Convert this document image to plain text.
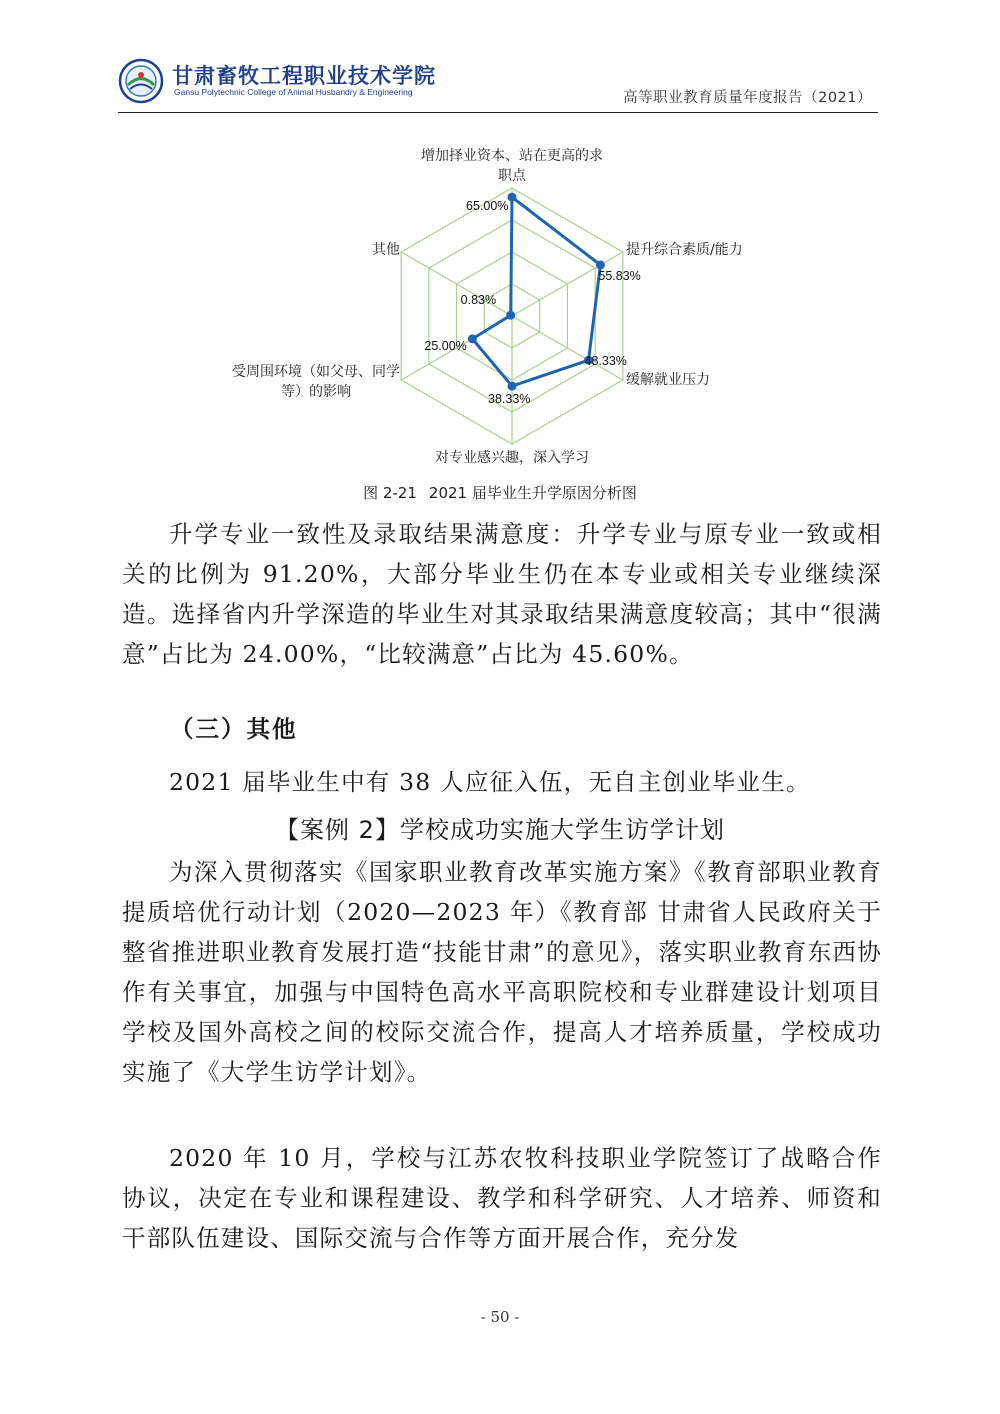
甘肃畜牧工程职业技术学院
Gansu Polytechnic College of Animal Husbandry & Engineering	高等职业教育质量年度报告（2021）
增加择业资本、站在更高的求
职点
提升综合素质/能力
缓解就业压力
对专业感兴趣，深入学习
受周围环境（如父母、同学
等）的影响
其他
65.00%
55.83%
48.33%
38.33%
25.00%
0.83%
图 2-21 2021 届毕业生升学原因分析图

升学专业一致性及录取结果满意度：升学专业与原专业一致或相关的比例为 91.20%，大部分毕业生仍在本专业或相关专业继续深造。选择省内升学深造的毕业生对其录取结果满意度较高；其中“很满意”占比为 24.00%，“比较满意”占比为 45.60%。

（三）其他

2021 届毕业生中有 38 人应征入伍，无自主创业毕业生。

【案例 2】学校成功实施大学生访学计划

为深入贯彻落实《国家职业教育改革实施方案》《教育部职业教育提质培优行动计划（2020—2023 年）《教育部 甘肃省人民政府关于整省推进职业教育发展打造“技能甘肃”的意见》，落实职业教育东西协作有关事宜，加强与中国特色高水平高职院校和专业群建设计划项目学校及国外高校之间的校际交流合作，提高人才培养质量，学校成功实施了《大学生访学计划》。

2020 年 10 月，学校与江苏农牧科技职业学院签订了战略合作协议，决定在专业和课程建设、教学和科学研究、人才培养、师资和干部队伍建设、国际交流与合作等方面开展合作，充分发

- 50 -
